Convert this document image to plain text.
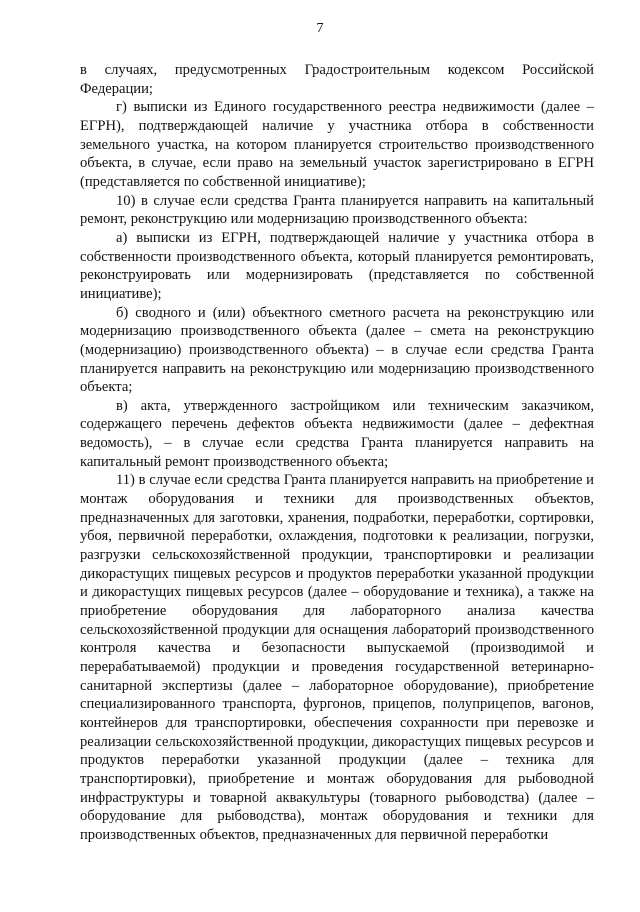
7

в случаях, предусмотренных Градостроительным кодексом Российской Федерации;

г) выписки из Единого государственного реестра недвижимости (далее – ЕГРН), подтверждающей наличие у участника отбора в собственности земельного участка, на котором планируется строительство производственного объекта, в случае, если право на земельный участок зарегистрировано в ЕГРН (представляется по собственной инициативе);

10) в случае если средства Гранта планируется направить на капитальный ремонт, реконструкцию или модернизацию производственного объекта:

а) выписки из ЕГРН, подтверждающей наличие у участника отбора в собственности производственного объекта, который планируется ремонтировать, реконструировать или модернизировать (представляется по собственной инициативе);

б) сводного и (или) объектного сметного расчета на реконструкцию или модернизацию производственного объекта (далее – смета на реконструкцию (модернизацию) производственного объекта) – в случае если средства Гранта планируется направить на реконструкцию или модернизацию производственного объекта;

в) акта, утвержденного застройщиком или техническим заказчиком, содержащего перечень дефектов объекта недвижимости (далее – дефектная ведомость), – в случае если средства Гранта планируется направить на капитальный ремонт производственного объекта;

11) в случае если средства Гранта планируется направить на приобретение и монтаж оборудования и техники для производственных объектов, предназначенных для заготовки, хранения, подработки, переработки, сортировки, убоя, первичной переработки, охлаждения, подготовки к реализации, погрузки, разгрузки сельскохозяйственной продукции, транспортировки и реализации дикорастущих пищевых ресурсов и продуктов переработки указанной продукции и дикорастущих пищевых ресурсов (далее – оборудование и техника), а также на приобретение оборудования для лабораторного анализа качества сельскохозяйственной продукции для оснащения лабораторий производственного контроля качества и безопасности выпускаемой (производимой и перерабатываемой) продукции и проведения государственной ветеринарно-санитарной экспертизы (далее – лабораторное оборудование), приобретение специализированного транспорта, фургонов, прицепов, полуприцепов, вагонов, контейнеров для транспортировки, обеспечения сохранности при перевозке и реализации сельскохозяйственной продукции, дикорастущих пищевых ресурсов и продуктов переработки указанной продукции (далее – техника для транспортировки), приобретение и монтаж оборудования для рыбоводной инфраструктуры и товарной аквакультуры (товарного рыбоводства) (далее – оборудование для рыбоводства), монтаж оборудования и техники для производственных объектов, предназначенных для первичной переработки
